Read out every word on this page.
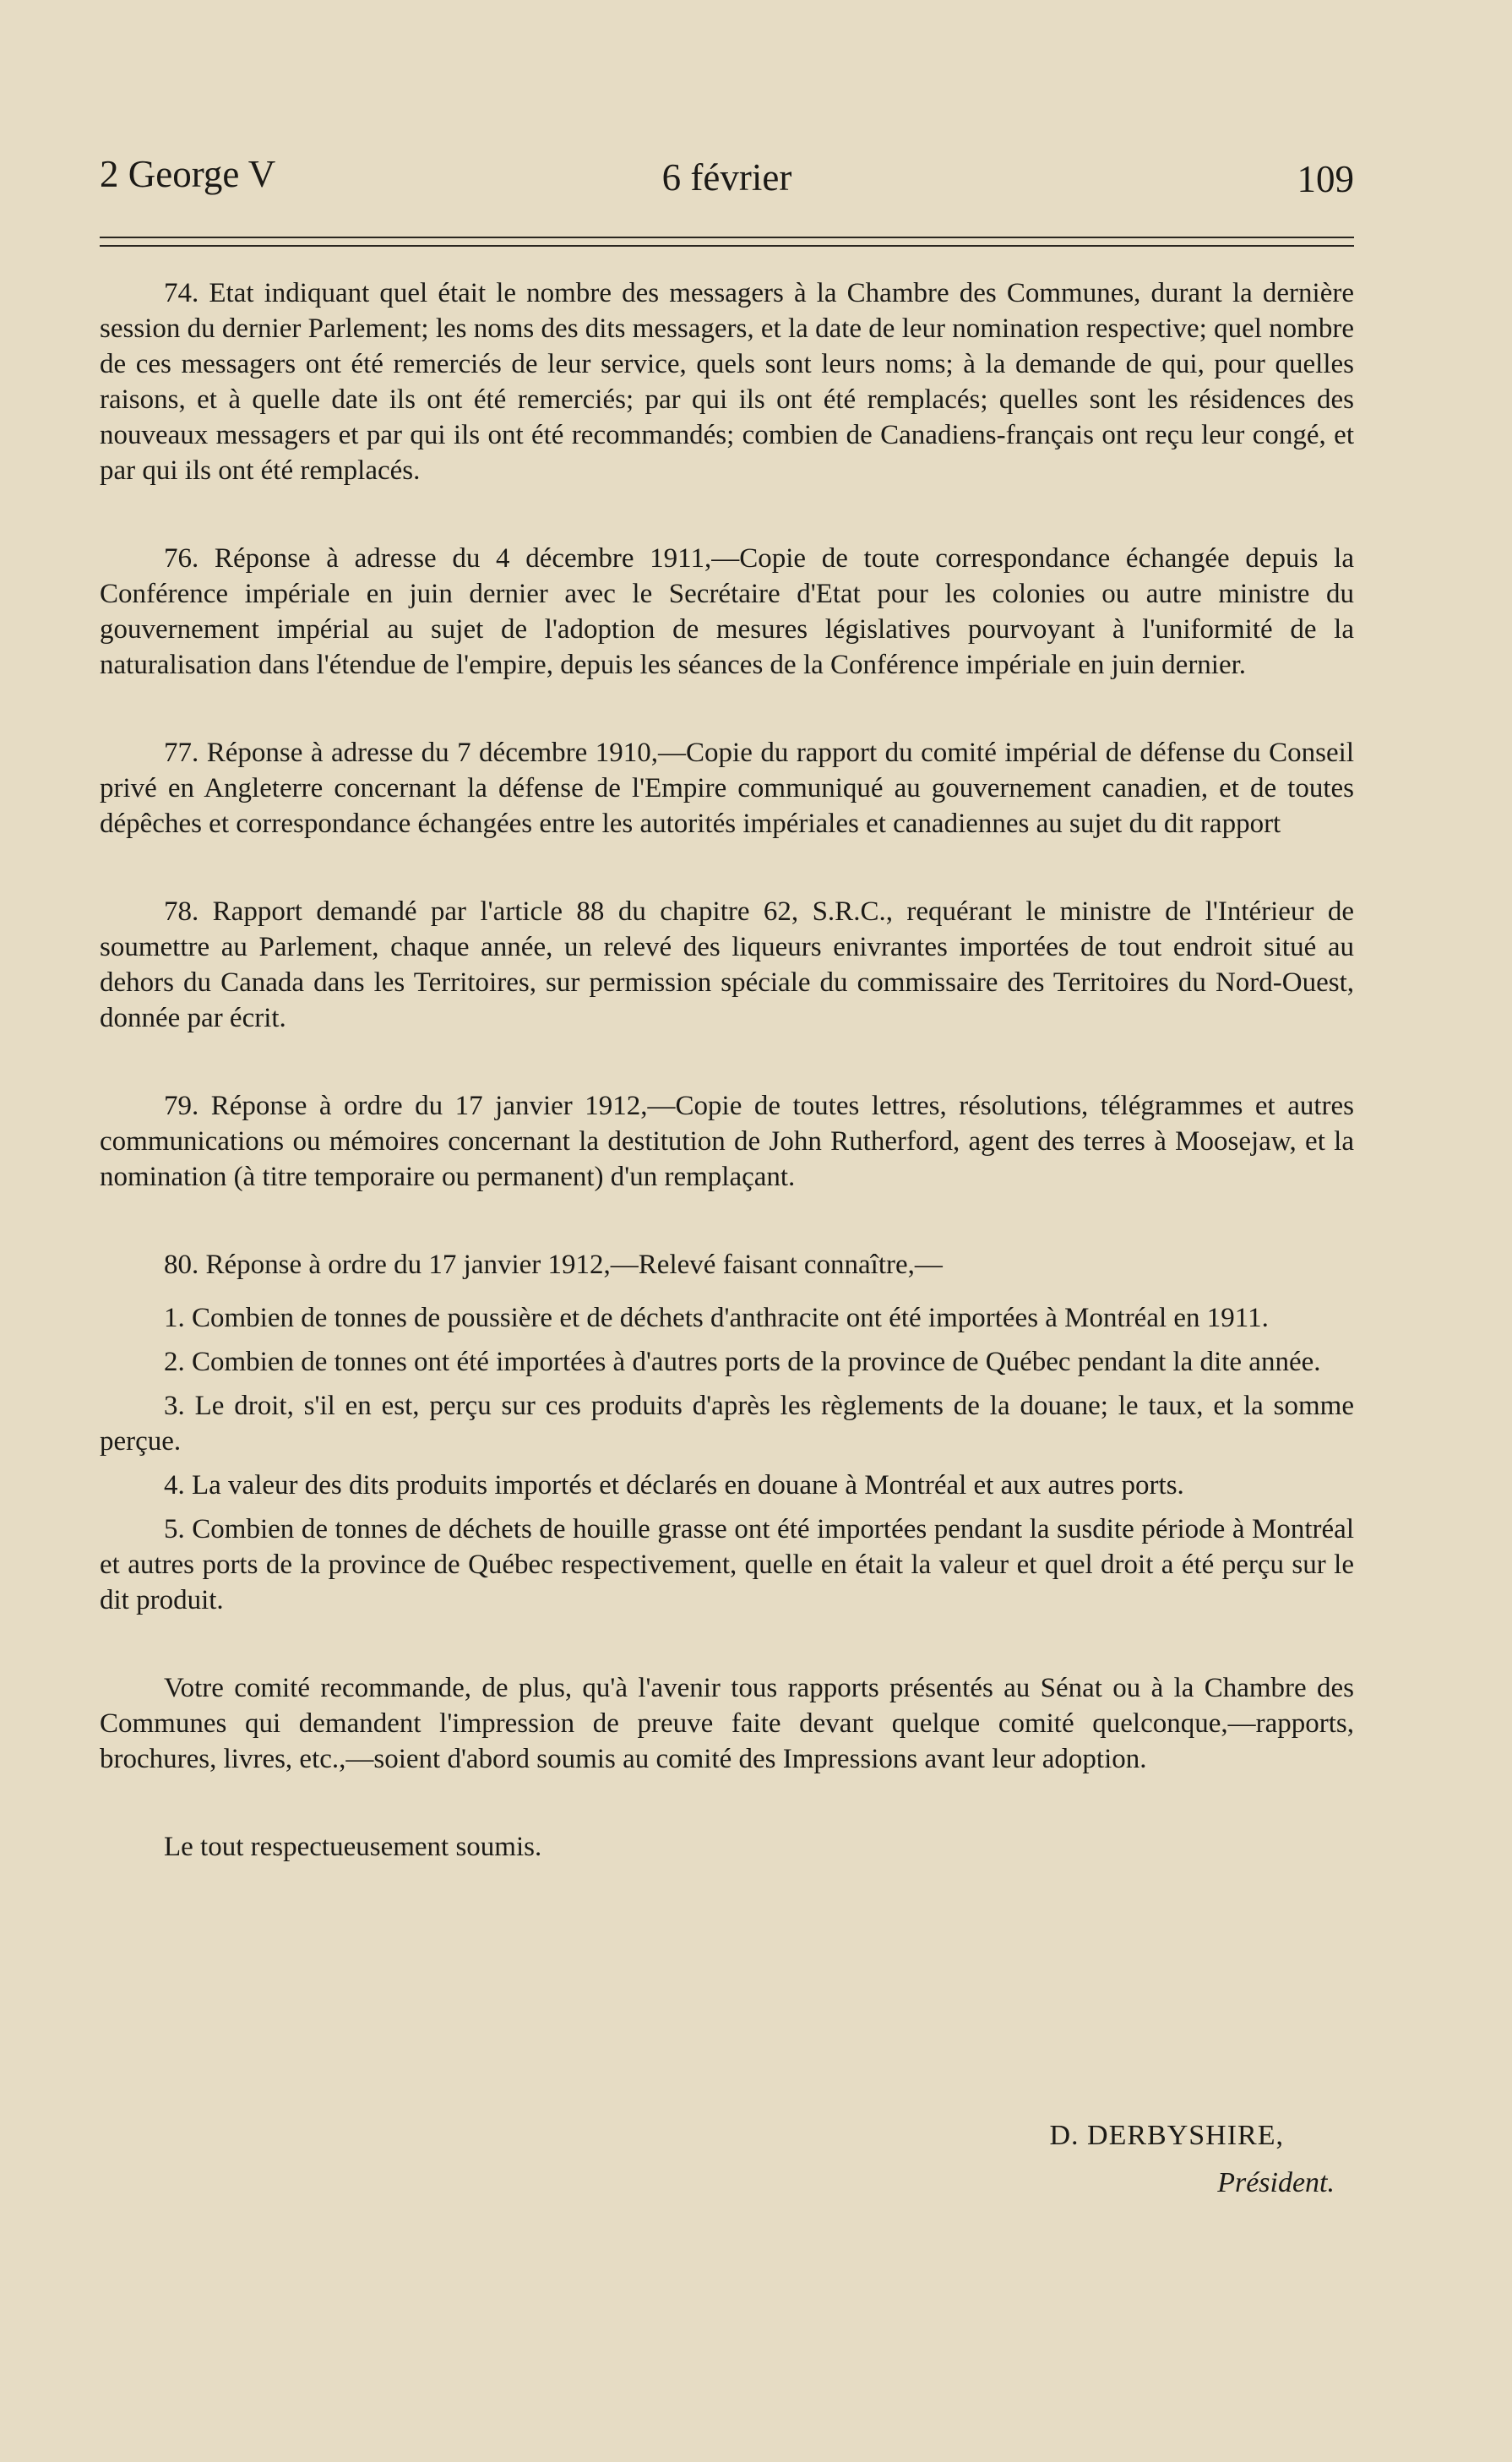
2 George V	6 février	109

74. Etat indiquant quel était le nombre des messagers à la Chambre des Communes, durant la dernière session du dernier Parlement; les noms des dits messagers, et la date de leur nomination respective; quel nombre de ces messagers ont été remerciés de leur service, quels sont leurs noms; à la demande de qui, pour quelles raisons, et à quelle date ils ont été remerciés; par qui ils ont été remplacés; quelles sont les résidences des nouveaux messagers et par qui ils ont été recommandés; combien de Canadiens-français ont reçu leur congé, et par qui ils ont été remplacés.

76. Réponse à adresse du 4 décembre 1911,—Copie de toute correspondance échangée depuis la Conférence impériale en juin dernier avec le Secrétaire d'Etat pour les colonies ou autre ministre du gouvernement impérial au sujet de l'adoption de mesures législatives pourvoyant à l'uniformité de la naturalisation dans l'étendue de l'empire, depuis les séances de la Conférence impériale en juin dernier.

77. Réponse à adresse du 7 décembre 1910,—Copie du rapport du comité impérial de défense du Conseil privé en Angleterre concernant la défense de l'Empire communiqué au gouvernement canadien, et de toutes dépêches et correspondance échangées entre les autorités impériales et canadiennes au sujet du dit rapport

78. Rapport demandé par l'article 88 du chapitre 62, S.R.C., requérant le ministre de l'Intérieur de soumettre au Parlement, chaque année, un relevé des liqueurs enivrantes importées de tout endroit situé au dehors du Canada dans les Territoires, sur permission spéciale du commissaire des Territoires du Nord-Ouest, donnée par écrit.

79. Réponse à ordre du 17 janvier 1912,—Copie de toutes lettres, résolutions, télégrammes et autres communications ou mémoires concernant la destitution de John Rutherford, agent des terres à Moosejaw, et la nomination (à titre temporaire ou permanent) d'un remplaçant.

80. Réponse à ordre du 17 janvier 1912,—Relevé faisant connaître,—

1. Combien de tonnes de poussière et de déchets d'anthracite ont été importées à Montréal en 1911.

2. Combien de tonnes ont été importées à d'autres ports de la province de Québec pendant la dite année.

3. Le droit, s'il en est, perçu sur ces produits d'après les règlements de la douane; le taux, et la somme perçue.

4. La valeur des dits produits importés et déclarés en douane à Montréal et aux autres ports.

5. Combien de tonnes de déchets de houille grasse ont été importées pendant la susdite période à Montréal et autres ports de la province de Québec respectivement, quelle en était la valeur et quel droit a été perçu sur le dit produit.

Votre comité recommande, de plus, qu'à l'avenir tous rapports présentés au Sénat ou à la Chambre des Communes qui demandent l'impression de preuve faite devant quelque comité quelconque,—rapports, brochures, livres, etc.,—soient d'abord soumis au comité des Impressions avant leur adoption.

Le tout respectueusement soumis.

D. DERBYSHIRE,
Président.
